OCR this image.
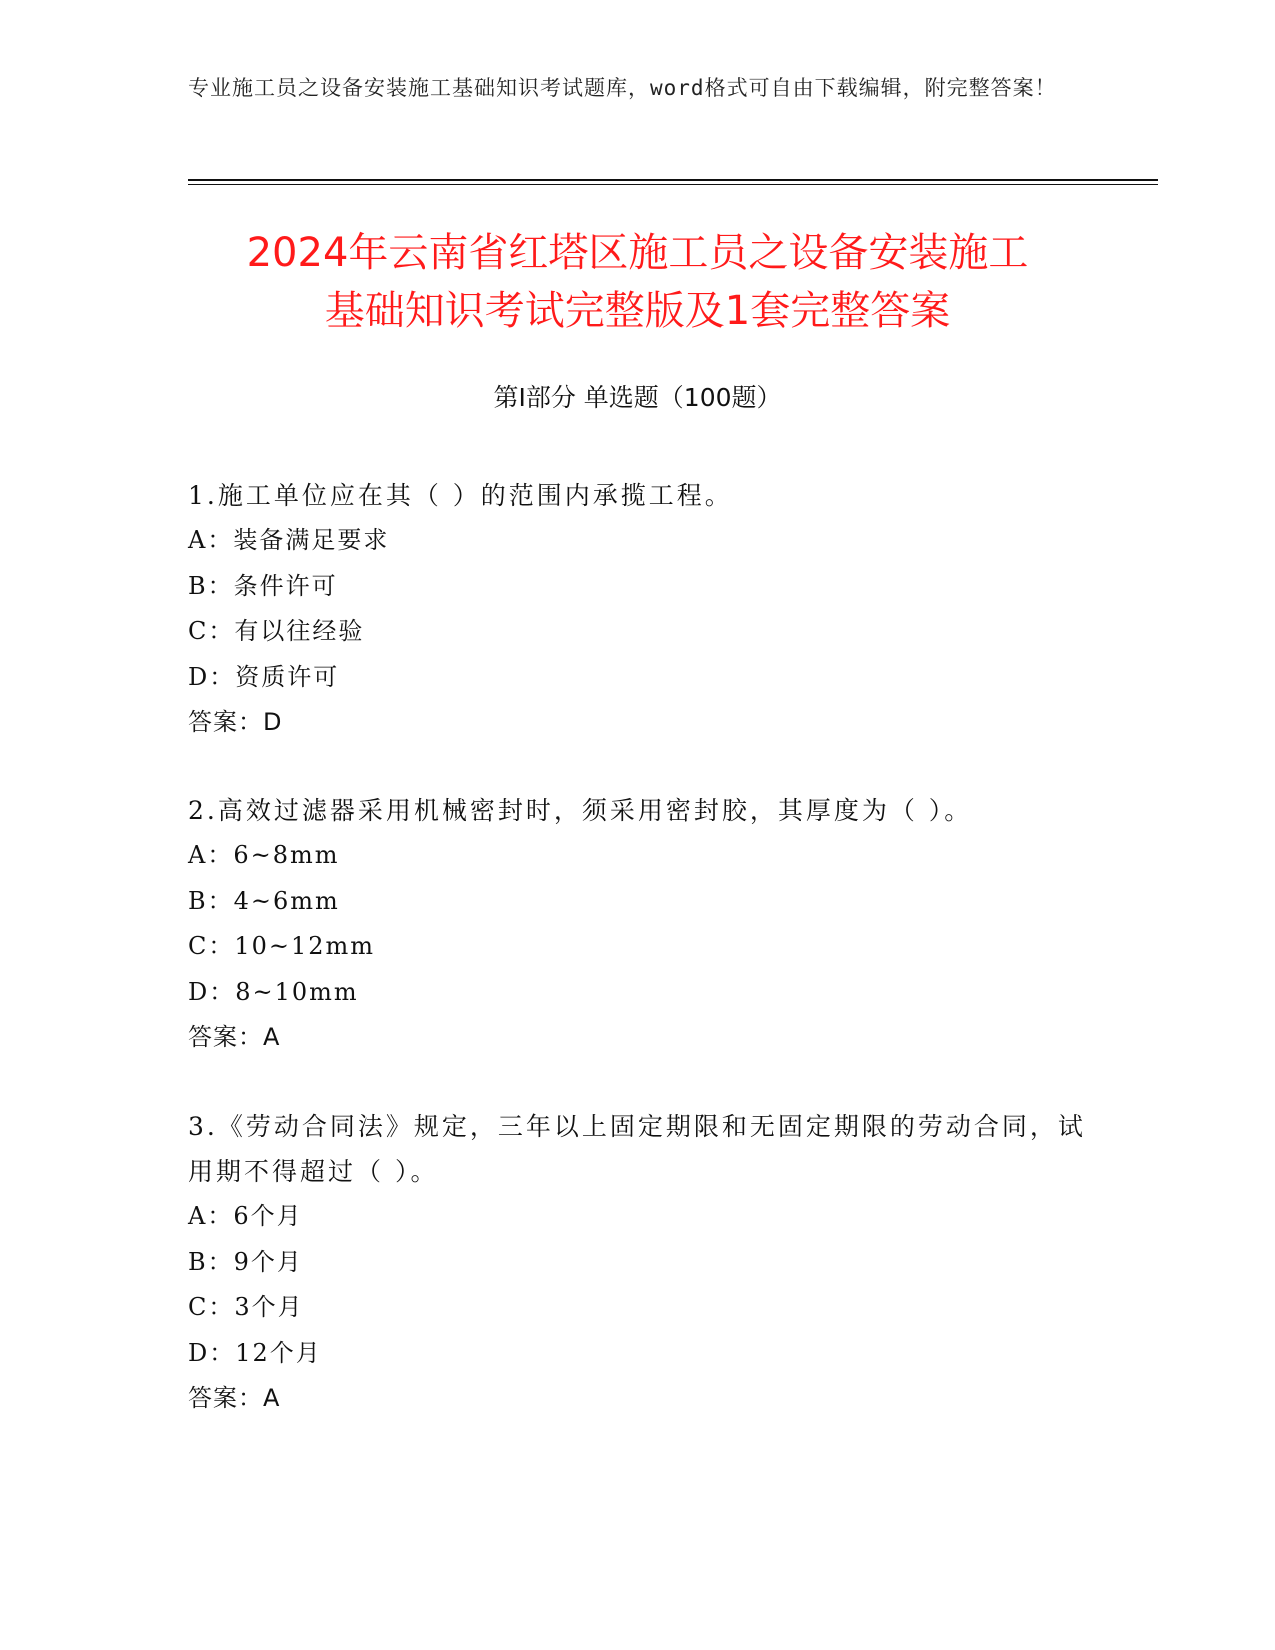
专业施工员之设备安装施工基础知识考试题库，word格式可自由下载编辑，附完整答案！
2024年云南省红塔区施工员之设备安装施工
基础知识考试完整版及1套完整答案
第Ⅰ部分 单选题（100题）

1.施工单位应在其（ ）的范围内承揽工程。

A：装备满足要求

B：条件许可

C：有以往经验

D：资质许可

答案：D

2.高效过滤器采用机械密封时，须采用密封胶，其厚度为（ ）。

A：6~8mm

B：4~6mm

C：10~12mm

D：8~10mm

答案：A

3.《劳动合同法》规定，三年以上固定期限和无固定期限的劳动合同，试用期不得超过（ ）。

A：6个月

B：9个月

C：3个月

D：12个月

答案：A
